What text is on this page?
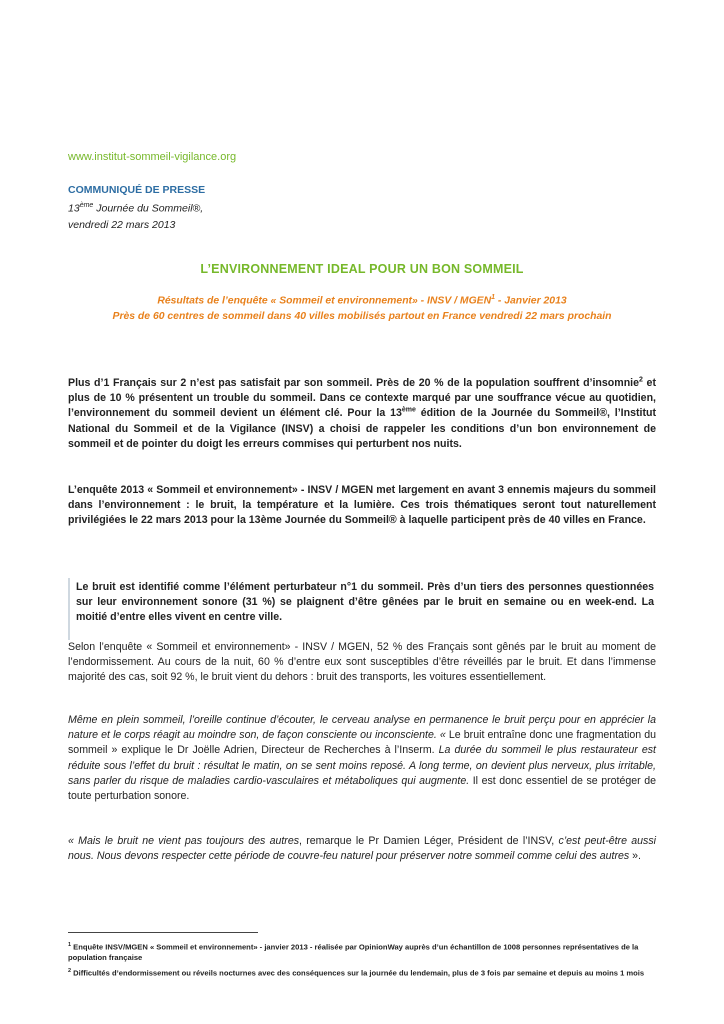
www.institut-sommeil-vigilance.org
COMMUNIQUÉ DE PRESSE
13ème Journée du Sommeil®,
vendredi 22 mars 2013
L’ENVIRONNEMENT IDEAL POUR UN BON SOMMEIL
Résultats de l’enquête « Sommeil et environnement» - INSV / MGEN$^1$ - Janvier 2013
Près de 60 centres de sommeil dans 40 villes mobilisés partout en France vendredi 22 mars prochain

Plus d’1 Français sur 2 n’est pas satisfait par son sommeil. Près de 20 % de la population souffrent d’insomnie$^2$ et plus de 10 % présentent un trouble du sommeil. Dans ce contexte marqué par une souffrance vécue au quotidien, l’environnement du sommeil devient un élément clé. Pour la 13ème édition de la Journée du Sommeil®, l’Institut National du Sommeil et de la Vigilance (INSV) a choisi de rappeler les conditions d’un bon environnement de sommeil et de pointer du doigt les erreurs commises qui perturbent nos nuits.

L’enquête 2013 « Sommeil et environnement» - INSV / MGEN met largement en avant 3 ennemis majeurs du sommeil dans l’environnement : le bruit, la température et la lumière. Ces trois thématiques seront tout naturellement privilégiées le 22 mars 2013 pour la 13ème Journée du Sommeil® à laquelle participent près de 40 villes en France.

Le bruit est identifié comme l’élément perturbateur n°1 du sommeil. Près d’un tiers des personnes questionnées sur leur environnement sonore (31 %) se plaignent d’être gênées par le bruit en semaine ou en week-end. La moitié d’entre elles vivent en centre ville.

Selon l’enquête « Sommeil et environnement» - INSV / MGEN, 52 % des Français sont gênés par le bruit au moment de l’endormissement. Au cours de la nuit, 60 % d’entre eux sont susceptibles d’être réveillés par le bruit. Et dans l’immense majorité des cas, soit 92 %, le bruit vient du dehors : bruit des transports, les voitures essentiellement.

Même en plein sommeil, l’oreille continue d’écouter, le cerveau analyse en permanence le bruit perçu pour en apprécier la nature et le corps réagit au moindre son, de façon consciente ou inconsciente. « Le bruit entraîne donc une fragmentation du sommeil » explique le Dr Joëlle Adrien, Directeur de Recherches à l’Inserm. La durée du sommeil le plus restaurateur est réduite sous l’effet du bruit : résultat le matin, on se sent moins reposé. A long terme, on devient plus nerveux, plus irritable, sans parler du risque de maladies cardio-vasculaires et métaboliques qui augmente. Il est donc essentiel de se protéger de toute perturbation sonore.

« Mais le bruit ne vient pas toujours des autres, remarque le Pr Damien Léger, Président de l’INSV, c’est peut-être aussi nous. Nous devons respecter cette période de couvre-feu naturel pour préserver notre sommeil comme celui des autres ».

$^1$ Enquête INSV/MGEN « Sommeil et environnement» - janvier 2013 - réalisée par OpinionWay auprès d’un échantillon de 1008 personnes représentatives de la population française
$^2$ Difficultés d’endormissement ou réveils nocturnes avec des conséquences sur la journée du lendemain, plus de 3 fois par semaine et depuis au moins 1 mois
